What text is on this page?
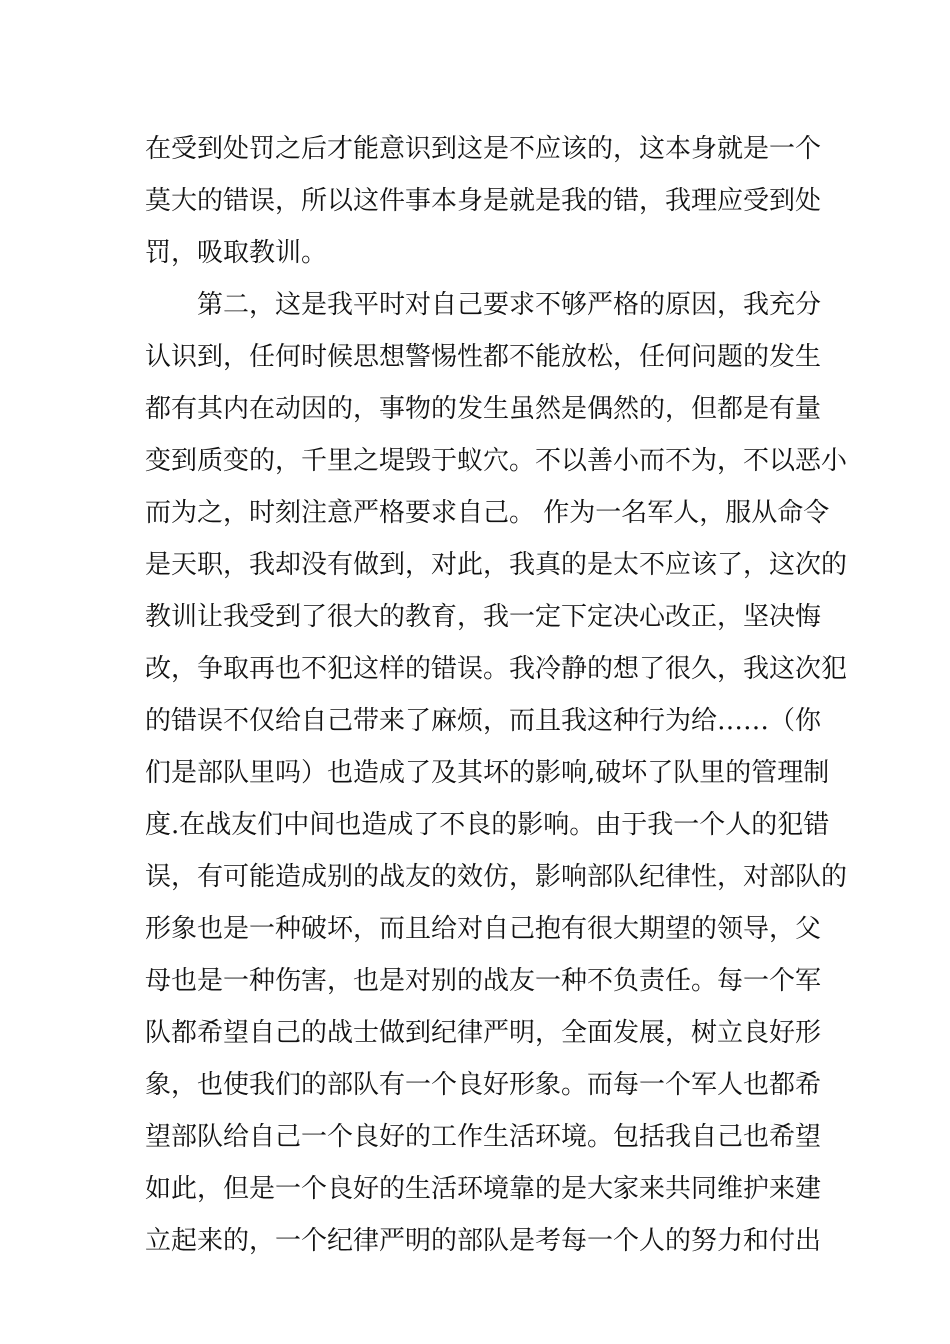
在受到处罚之后才能意识到这是不应该的，这本身就是一个
莫大的错误，所以这件事本身是就是我的错，我理应受到处
罚，吸取教训。
第二，这是我平时对自己要求不够严格的原因，我充分
认识到，任何时候思想警惕性都不能放松，任何问题的发生
都有其内在动因的，事物的发生虽然是偶然的，但都是有量
变到质变的，千里之堤毁于蚁穴。不以善小而不为，不以恶小
而为之，时刻注意严格要求自己。 作为一名军人，服从命令
是天职，我却没有做到，对此，我真的是太不应该了，这次的
教训让我受到了很大的教育，我一定下定决心改正，坚决悔
改，争取再也不犯这样的错误。我冷静的想了很久，我这次犯
的错误不仅给自己带来了麻烦，而且我这种行为给……（你
们是部队里吗）也造成了及其坏的影响,破坏了队里的管理制
度.在战友们中间也造成了不良的影响。由于我一个人的犯错
误，有可能造成别的战友的效仿，影响部队纪律性，对部队的
形象也是一种破坏，而且给对自己抱有很大期望的领导，父
母也是一种伤害，也是对别的战友一种不负责任。每一个军
队都希望自己的战士做到纪律严明，全面发展，树立良好形
象，也使我们的部队有一个良好形象。而每一个军人也都希
望部队给自己一个良好的工作生活环境。包括我自己也希望
如此，但是一个良好的生活环境靠的是大家来共同维护来建
立起来的，一个纪律严明的部队是考每一个人的努力和付出
